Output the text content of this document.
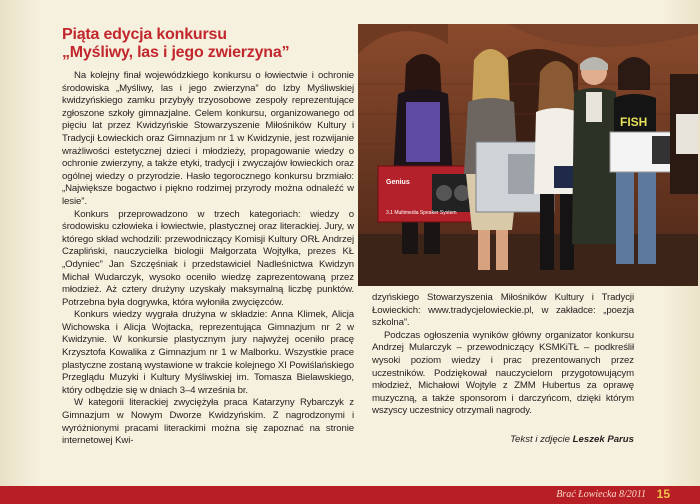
Piąta edycja konkursu
„Myśliwy, las i jego zwierzyna”

Na kolejny finał wojewódzkiego konkursu o łowiectwie i ochronie środowiska „Myśliwy, las i jego zwierzyna” do Izby Myśliwskiej kwidzyńskiego zamku przybyły trzyosobowe zespoły reprezentujące zgłoszone szkoły gimnazjalne. Celem konkursu, organizowanego od pięciu lat przez Kwidzyńskie Stowarzyszenie Miłośników Kultury i Tradycji Łowieckich oraz Gimnazjum nr 1 w Kwidzynie, jest rozwijanie wrażliwości estetycznej dzieci i młodzieży, propagowanie wiedzy o ochronie zwierzyny, a także etyki, tradycji i zwyczajów łowieckich oraz ogólnej wiedzy o przyrodzie. Hasło tegorocznego konkursu brzmiało: „Największe bogactwo i piękno rodzimej przyrody można odnaleźć w lesie”.

Konkurs przeprowadzono w trzech kategoriach: wiedzy o środowisku człowieka i łowiectwie, plastycznej oraz literackiej. Jury, w którego skład wchodzili: przewodniczący Komisji Kultury ORŁ Andrzej Czapliński, nauczycielka biologii Małgorzata Wojtyłka, prezes KŁ „Odyniec” Jan Szczęśniak i przedstawiciel Nadleśnictwa Kwidzyn Michał Wudarczyk, wysoko oceniło wiedzę zaprezentowaną przez młodzież. Aż cztery drużyny uzyskały maksymalną liczbę punktów. Potrzebna była dogrywka, która wyłoniła zwycięzców.

Konkurs wiedzy wygrała drużyna w składzie: Anna Klimek, Alicja Wichowska i Alicja Wojtacka, reprezentująca Gimnazjum nr 2 w Kwidzynie. W konkursie plastycznym jury najwyżej oceniło pracę Krzysztofa Kowalika z Gimnazjum nr 1 w Malborku. Wszystkie prace plastyczne zostaną wystawione w trakcie kolejnego XI Powiślańskiego Przeglądu Muzyki i Kultury Myśliwskiej im. Tomasza Bielawskiego, który odbędzie się w dniach 3–4 września br.

W kategorii literackiej zwyciężyła praca Katarzyny Rybarczyk z Gimnazjum w Nowym Dworze Kwidzyńskim. Z nagrodzonymi i wyróżnionymi pracami literackimi można się zapoznać na stronie internetowej Kwi-

3.1 Multimedia Speaker System
Genius
FISH

dzyńskiego Stowarzyszenia Miłośników Kultury i Tradycji Łowieckich: www.tradycjelowieckie.pl, w zakładce: „poezja szkolna”.

Podczas ogłoszenia wyników główny organizator konkursu Andrzej Mularczyk – przewodniczący KSMKiTŁ – podkreślił wysoki poziom wiedzy i prac prezentowanych przez uczestników. Podziękował nauczycielom przygotowującym młodzież, Michałowi Wojtyle z ZMM Hubertus za oprawę muzyczną, a także sponsorom i darczyńcom, dzięki którym wszyscy uczestnicy otrzymali nagrody.

Tekst i zdjęcie Leszek Parus
Brać Łowiecka 8/2011 15
